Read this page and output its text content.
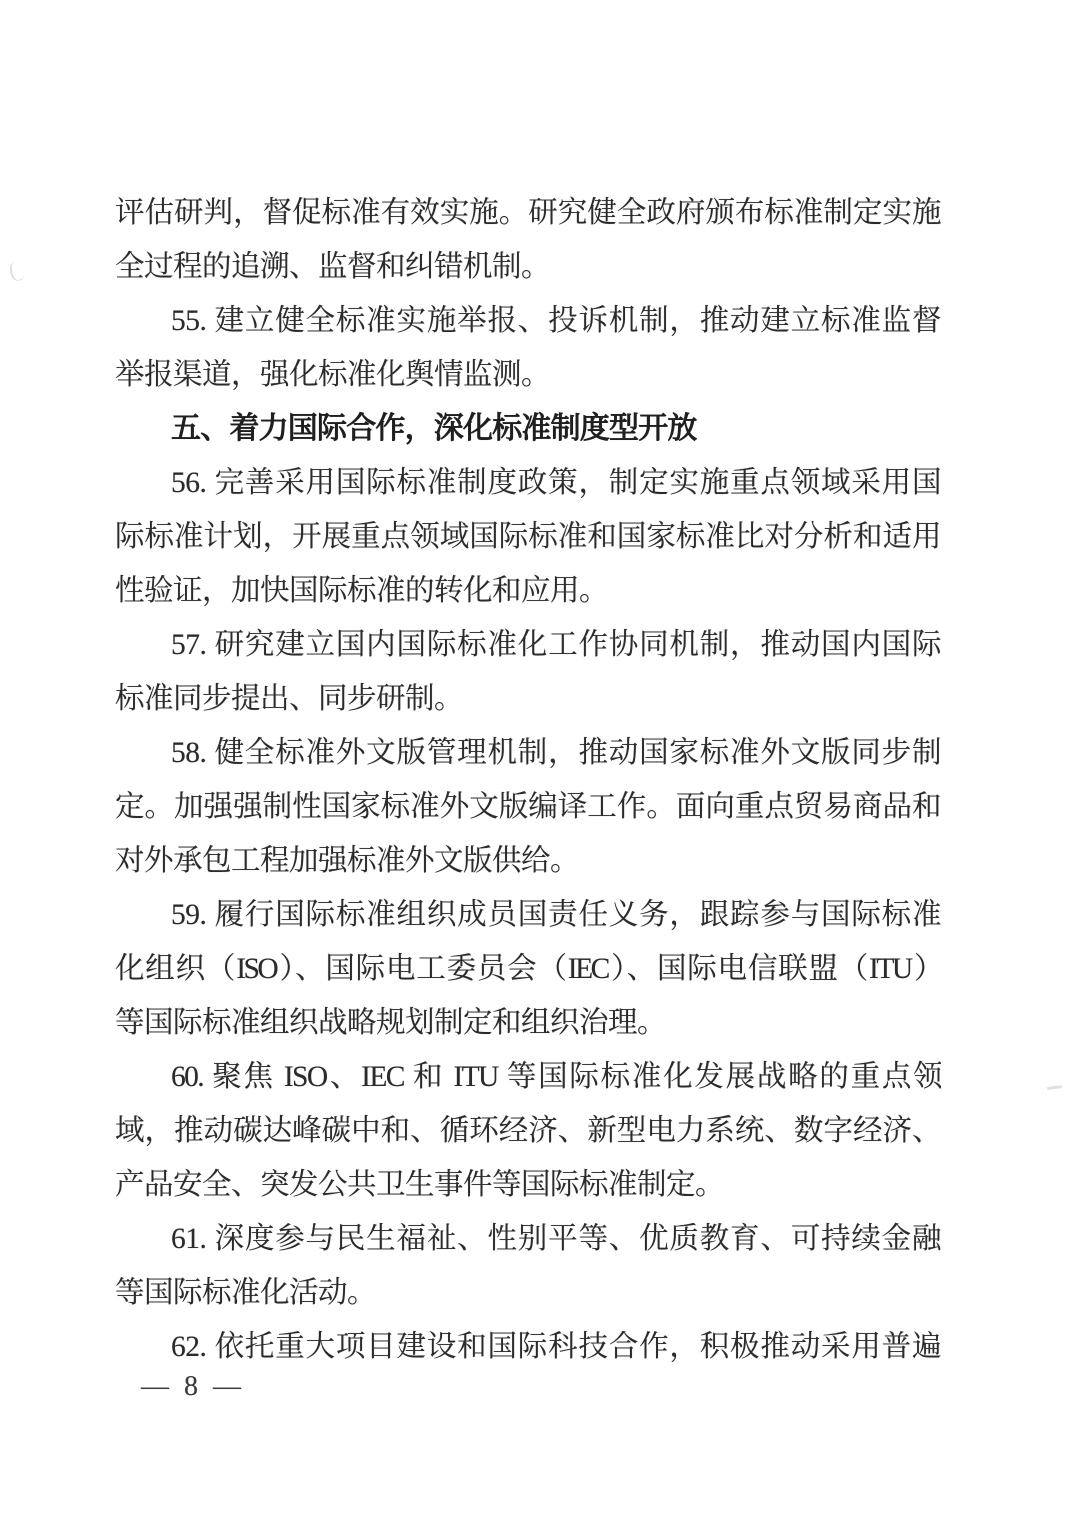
评估研判，督促标准有效实施。研究健全政府颁布标准制定实施
全过程的追溯、监督和纠错机制。
55. 建立健全标准实施举报、投诉机制，推动建立标准监督
举报渠道，强化标准化舆情监测。
五、着力国际合作，深化标准制度型开放
56. 完善采用国际标准制度政策，制定实施重点领域采用国
际标准计划，开展重点领域国际标准和国家标准比对分析和适用
性验证，加快国际标准的转化和应用。
57. 研究建立国内国际标准化工作协同机制，推动国内国际
标准同步提出、同步研制。
58. 健全标准外文版管理机制，推动国家标准外文版同步制
定。加强强制性国家标准外文版编译工作。面向重点贸易商品和
对外承包工程加强标准外文版供给。
59. 履行国际标准组织成员国责任义务，跟踪参与国际标准
化组织（ISO）、国际电工委员会（IEC）、国际电信联盟（ITU）
等国际标准组织战略规划制定和组织治理。
60. 聚焦 ISO、IEC 和 ITU 等国际标准化发展战略的重点领
域，推动碳达峰碳中和、循环经济、新型电力系统、数字经济、
产品安全、突发公共卫生事件等国际标准制定。
61. 深度参与民生福祉、性别平等、优质教育、可持续金融
等国际标准化活动。
62. 依托重大项目建设和国际科技合作，积极推动采用普遍
— 8 —
